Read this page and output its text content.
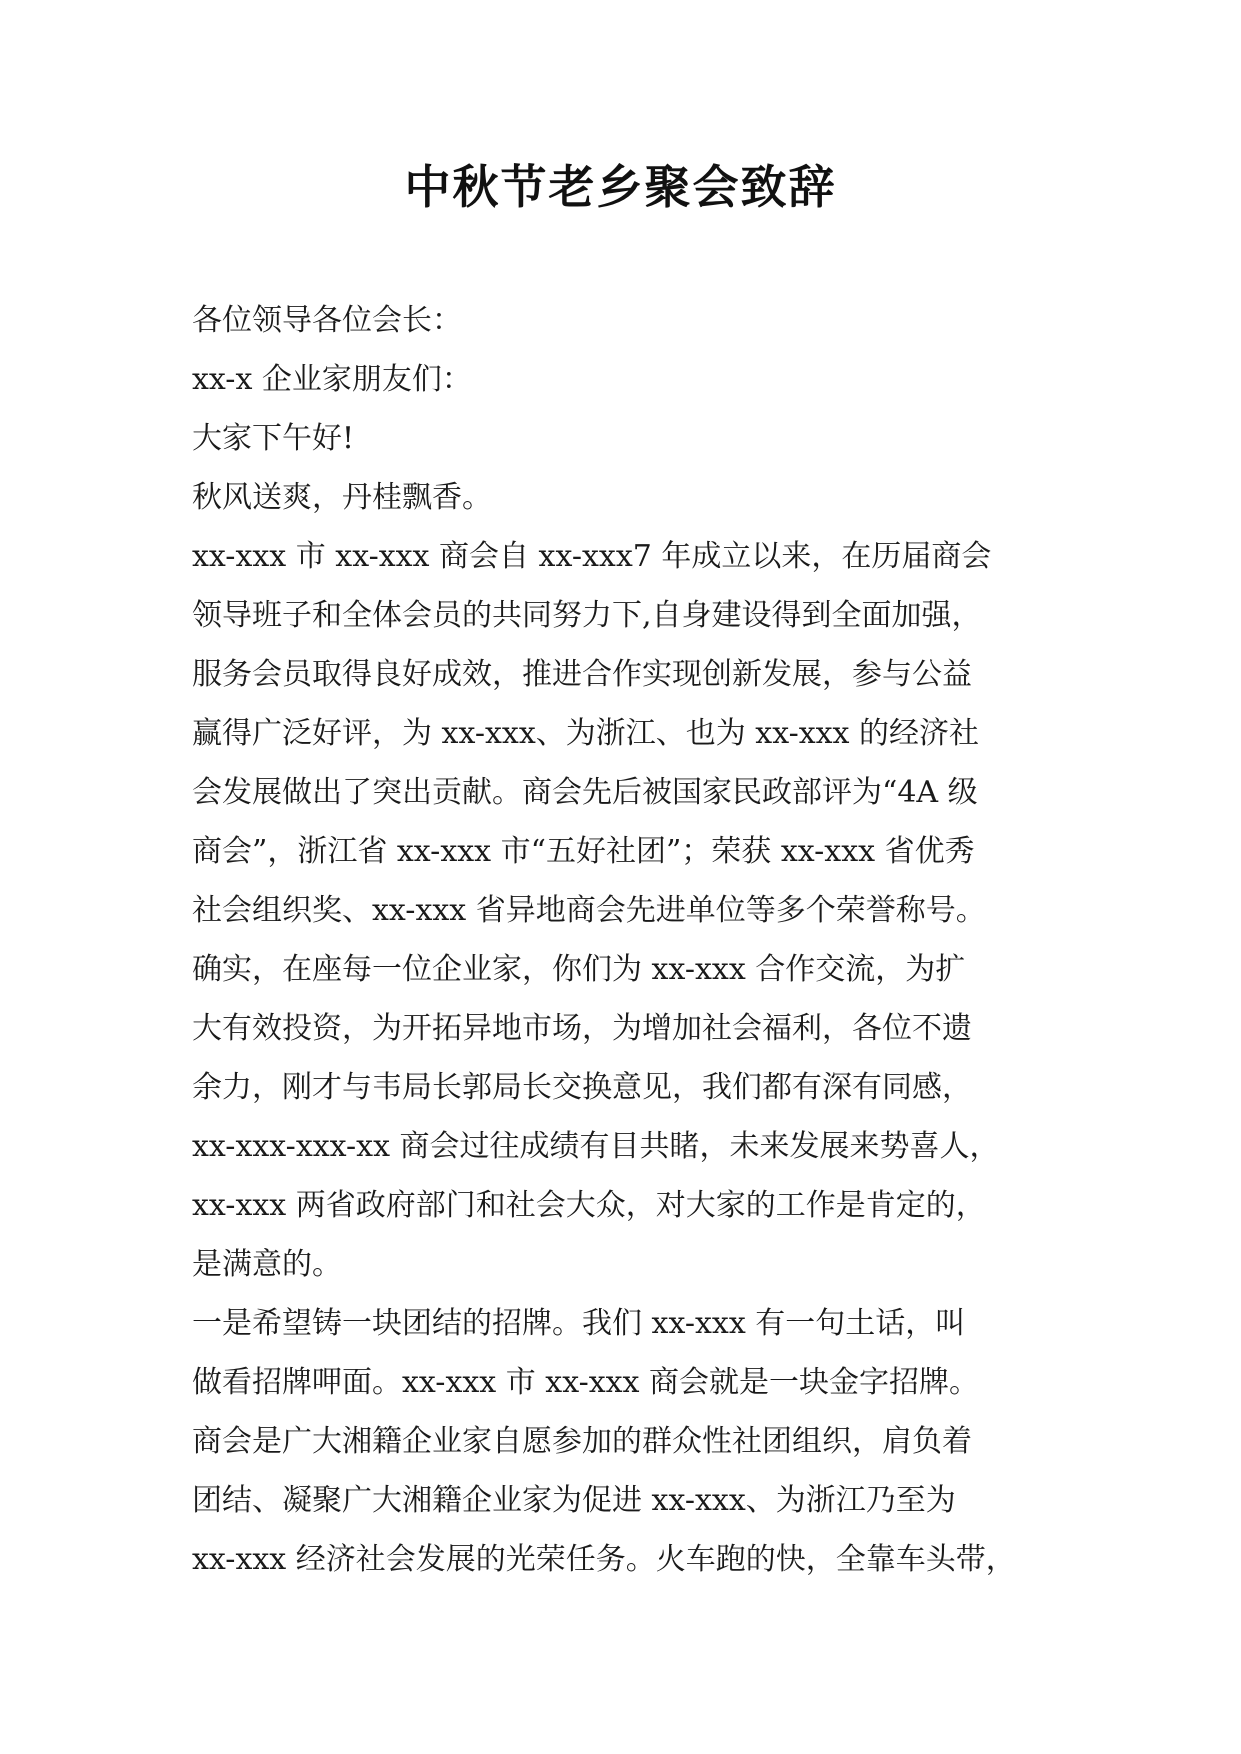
中秋节老乡聚会致辞
各位领导各位会长：
xx-x 企业家朋友们：
大家下午好!
秋风送爽，丹桂飘香。
xx-xxx 市 xx-xxx 商会自 xx-xxx7 年成立以来，在历届商会
领导班子和全体会员的共同努力下,自身建设得到全面加强，
服务会员取得良好成效，推进合作实现创新发展，参与公益
赢得广泛好评，为 xx-xxx、为浙江、也为 xx-xxx 的经济社
会发展做出了突出贡献。商会先后被国家民政部评为“4A 级
商会”，浙江省 xx-xxx 市“五好社团”；荣获 xx-xxx 省优秀
社会组织奖、xx-xxx 省异地商会先进单位等多个荣誉称号。
确实，在座每一位企业家，你们为 xx-xxx 合作交流，为扩
大有效投资，为开拓异地市场，为增加社会福利，各位不遗
余力，刚才与韦局长郭局长交换意见，我们都有深有同感，
xx-xxx-xxx-xx 商会过往成绩有目共睹，未来发展来势喜人，
xx-xxx 两省政府部门和社会大众，对大家的工作是肯定的，
是满意的。
一是希望铸一块团结的招牌。我们 xx-xxx 有一句土话，叫
做看招牌呷面。xx-xxx 市 xx-xxx 商会就是一块金字招牌。
商会是广大湘籍企业家自愿参加的群众性社团组织，肩负着
团结、凝聚广大湘籍企业家为促进 xx-xxx、为浙江乃至为
xx-xxx 经济社会发展的光荣任务。火车跑的快，全靠车头带，
